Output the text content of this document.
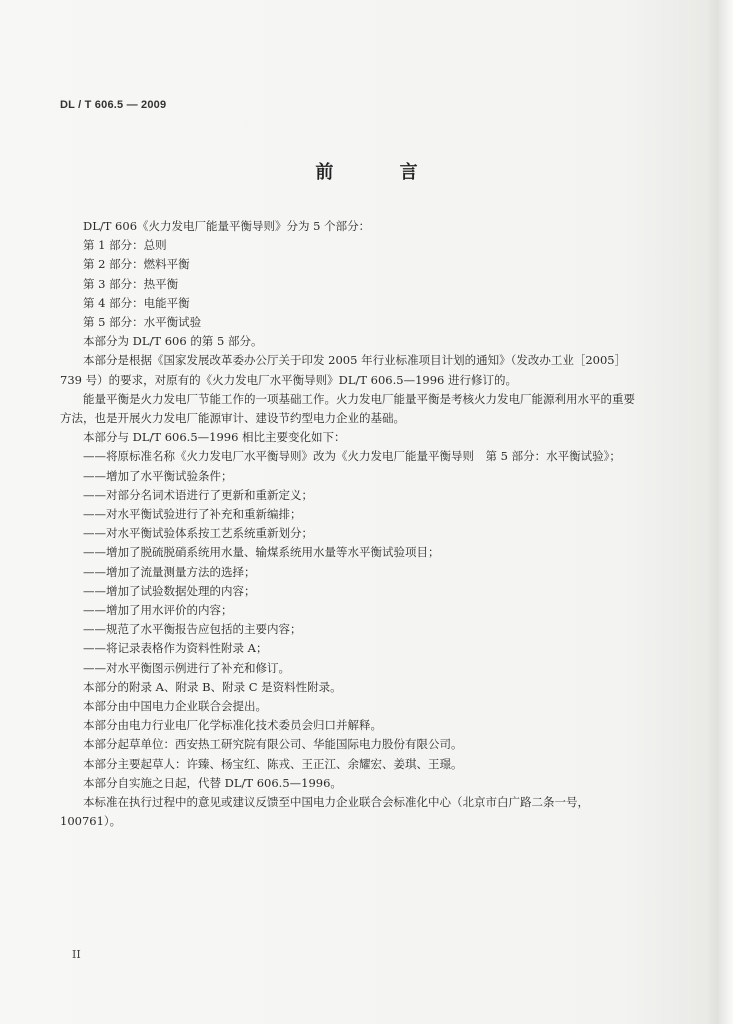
DL / T 606.5 — 2009
前 言

DL/T 606《火力发电厂能量平衡导则》分为 5 个部分：

第 1 部分：总则

第 2 部分：燃料平衡

第 3 部分：热平衡

第 4 部分：电能平衡

第 5 部分：水平衡试验

本部分为 DL/T 606 的第 5 部分。

本部分是根据《国家发展改革委办公厅关于印发 2005 年行业标准项目计划的通知》（发改办工业［2005］739 号）的要求，对原有的《火力发电厂水平衡导则》DL/T 606.5—1996 进行修订的。

能量平衡是火力发电厂节能工作的一项基础工作。火力发电厂能量平衡是考核火力发电厂能源利用水平的重要方法，也是开展火力发电厂能源审计、建设节约型电力企业的基础。

本部分与 DL/T 606.5—1996 相比主要变化如下：

——将原标准名称《火力发电厂水平衡导则》改为《火力发电厂能量平衡导则　第 5 部分：水平衡试验》；

——增加了水平衡试验条件；

——对部分名词术语进行了更新和重新定义；

——对水平衡试验进行了补充和重新编排；

——对水平衡试验体系按工艺系统重新划分；

——增加了脱硫脱硝系统用水量、输煤系统用水量等水平衡试验项目；

——增加了流量测量方法的选择；

——增加了试验数据处理的内容；

——增加了用水评价的内容；

——规范了水平衡报告应包括的主要内容；

——将记录表格作为资料性附录 A；

——对水平衡图示例进行了补充和修订。

本部分的附录 A、附录 B、附录 C 是资料性附录。

本部分由中国电力企业联合会提出。

本部分由电力行业电厂化学标准化技术委员会归口并解释。

本部分起草单位：西安热工研究院有限公司、华能国际电力股份有限公司。

本部分主要起草人：许臻、杨宝红、陈戎、王正江、余耀宏、姜琪、王璟。

本部分自实施之日起，代替 DL/T 606.5—1996。

本标准在执行过程中的意见或建议反馈至中国电力企业联合会标准化中心（北京市白广路二条一号，100761）。

II
